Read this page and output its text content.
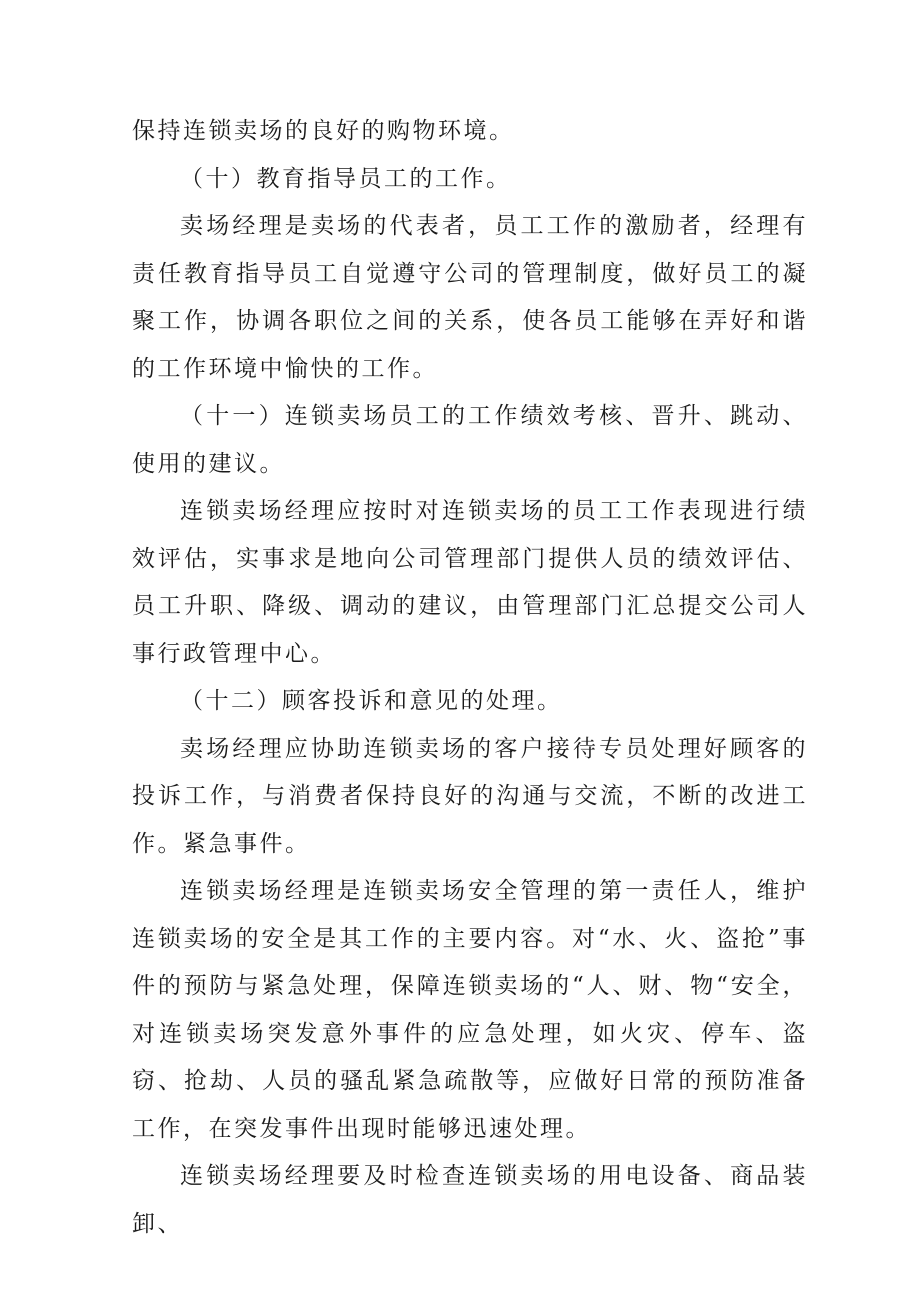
保持连锁卖场的良好的购物环境。

（十）教育指导员工的工作。

卖场经理是卖场的代表者，员工工作的激励者，经理有责任教育指导员工自觉遵守公司的管理制度，做好员工的凝聚工作，协调各职位之间的关系，使各员工能够在弄好和谐的工作环境中愉快的工作。

（十一）连锁卖场员工的工作绩效考核、晋升、跳动、使用的建议。

连锁卖场经理应按时对连锁卖场的员工工作表现进行绩效评估，实事求是地向公司管理部门提供人员的绩效评估、员工升职、降级、调动的建议，由管理部门汇总提交公司人事行政管理中心。

（十二）顾客投诉和意见的处理。

卖场经理应协助连锁卖场的客户接待专员处理好顾客的投诉工作，与消费者保持良好的沟通与交流，不断的改进工作。紧急事件。

连锁卖场经理是连锁卖场安全管理的第一责任人，维护连锁卖场的安全是其工作的主要内容。对“水、火、盗抢”事件的预防与紧急处理，保障连锁卖场的“人、财、物“安全，对连锁卖场突发意外事件的应急处理，如火灾、停车、盗窃、抢劫、人员的骚乱紧急疏散等，应做好日常的预防准备工作，在突发事件出现时能够迅速处理。

连锁卖场经理要及时检查连锁卖场的用电设备、商品装卸、
